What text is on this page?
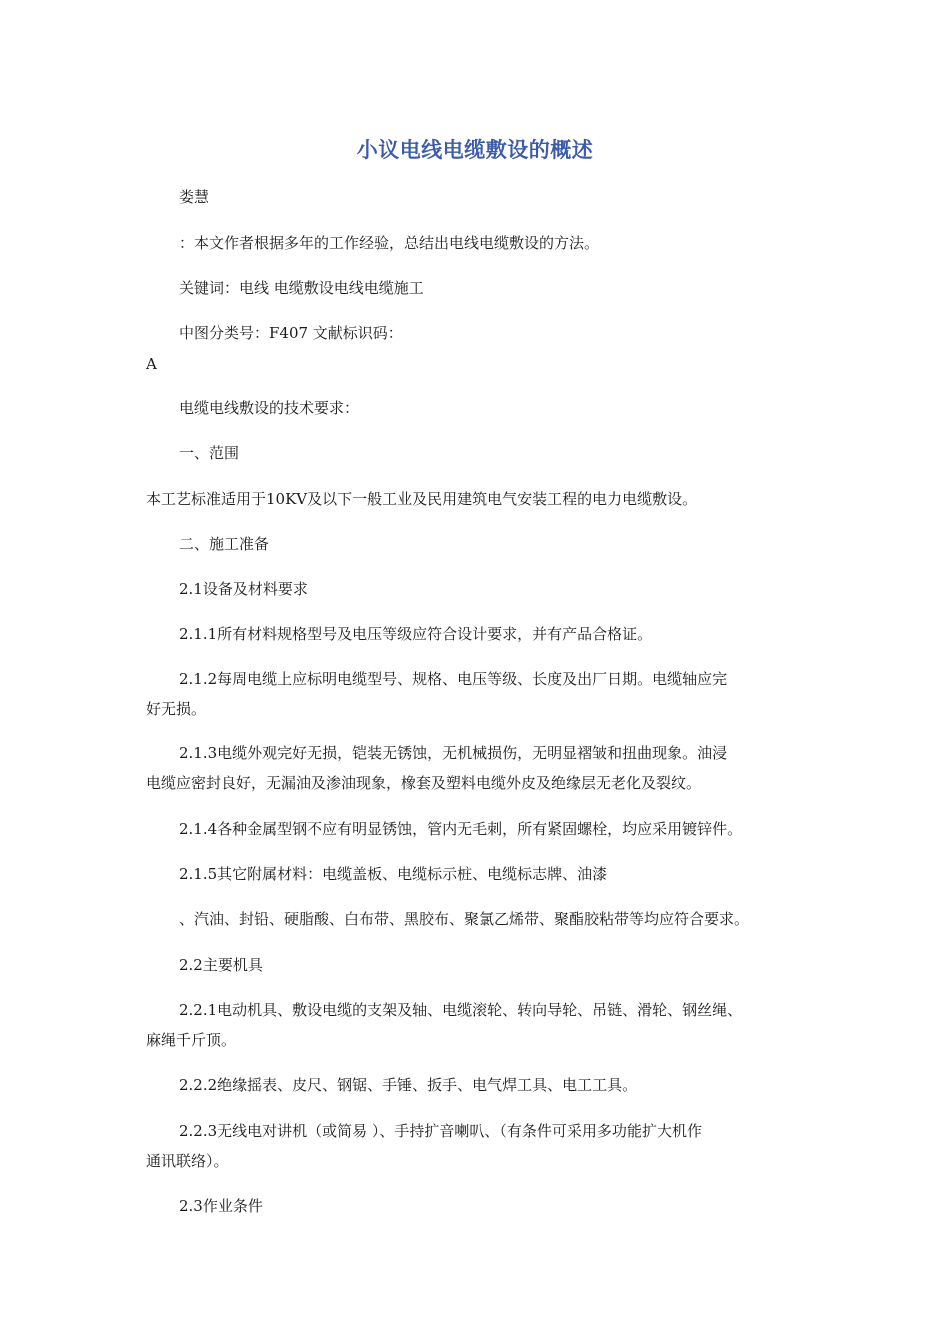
小议电线电缆敷设的概述

娄慧

：本文作者根据多年的工作经验，总结出电线电缆敷设的方法。

关键词：电线 电缆敷设电线电缆施工

中图分类号：F407 文献标识码：

A

电缆电线敷设的技术要求：

一、范围

本工艺标准适用于10KV及以下一般工业及民用建筑电气安装工程的电力电缆敷设。

二、施工准备

2.1设备及材料要求

2.1.1所有材料规格型号及电压等级应符合设计要求，并有产品合格证。

2.1.2每周电缆上应标明电缆型号、规格、电压等级、长度及出厂日期。电缆轴应完

好无损。

2.1.3电缆外观完好无损，铠装无锈蚀，无机械损伤，无明显褶皱和扭曲现象。油浸

电缆应密封良好，无漏油及渗油现象，橡套及塑料电缆外皮及绝缘层无老化及裂纹。

2.1.4各种金属型钢不应有明显锈蚀，管内无毛刺，所有紧固螺栓，均应采用镀锌件。

2.1.5其它附属材料：电缆盖板、电缆标示桩、电缆标志牌、油漆

、汽油、封铅、硬脂酸、白布带、黑胶布、聚氯乙烯带、聚酯胶粘带等均应符合要求。

2.2主要机具

2.2.1电动机具、敷设电缆的支架及轴、电缆滚轮、转向导轮、吊链、滑轮、钢丝绳、

麻绳千斤顶。

2.2.2绝缘摇表、皮尺、钢锯、手锤、扳手、电气焊工具、电工工具。

2.2.3无线电对讲机（或简易 ）、手持扩音喇叭、（有条件可采用多功能扩大机作

通讯联络）。

2.3作业条件
